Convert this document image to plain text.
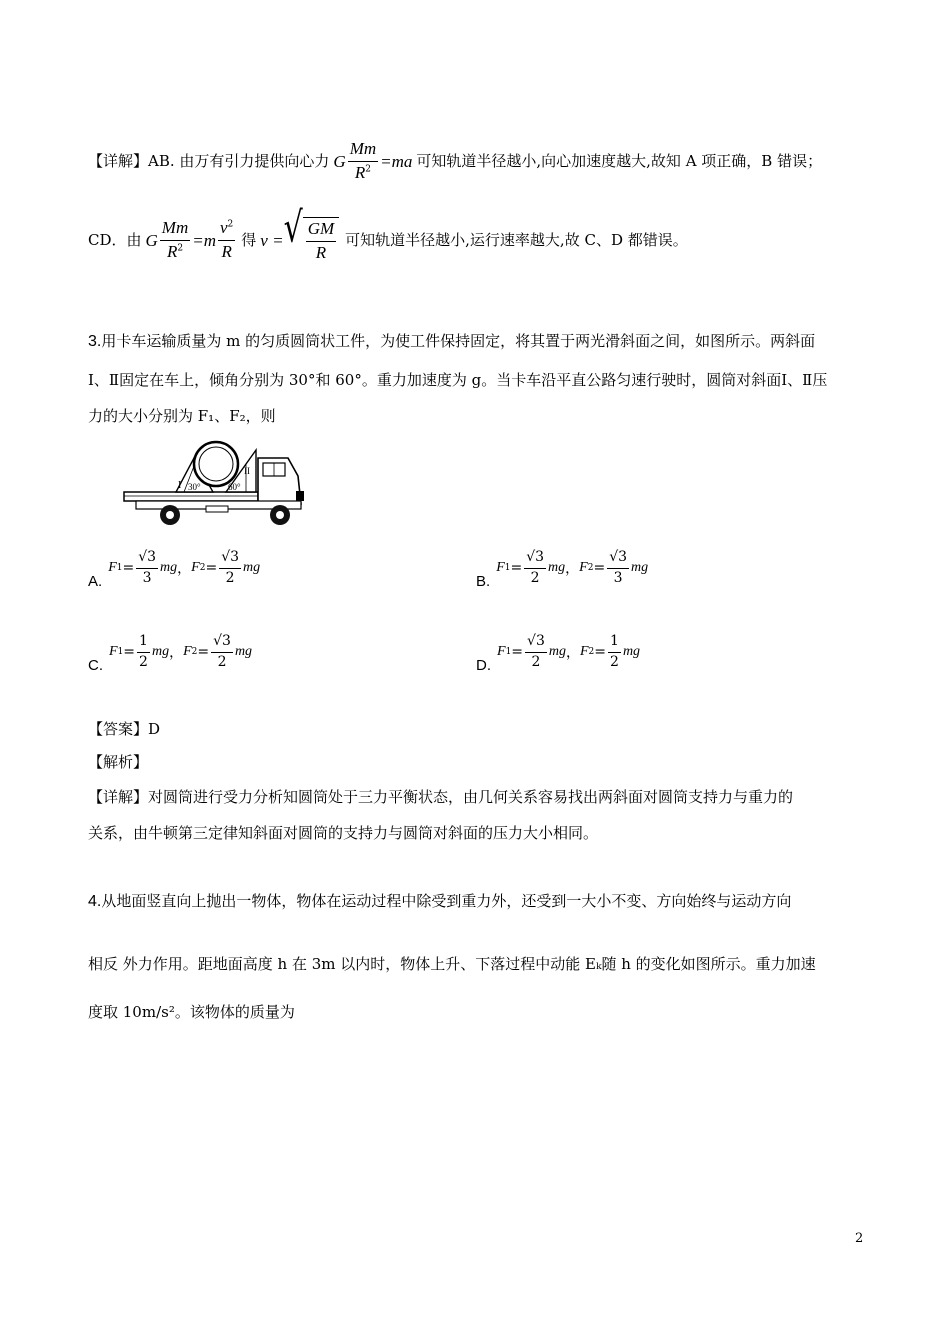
【详解】AB. 由万有引力提供向心力 G $\frac{Mm}{R^2} =ma$ 可知轨道半径越小,向心加速度越大,故知 A 项正确，B 错误；
CD．由 G $\frac{Mm}{R^2} =m \frac{v^2}{R}$ 得 v = √ $\frac{GM}{R}$ 可知轨道半径越小,运行速率越大,故 C、D 都错误。
3.用卡车运输质量为 m 的匀质圆筒状工件，为使工件保持固定，将其置于两光滑斜面之间，如图所示。两斜面
Ⅰ、Ⅱ固定在车上，倾角分别为 30°和 60°。重力加速度为 g。当卡车沿平直公路匀速行驶时，圆筒对斜面Ⅰ、Ⅱ压
力的大小分别为 F₁、F₂，则
I
II
30°	60°
A.
F $1 = \frac{√3}{3}$ mg ， F $2 = \frac{√3}{2}$ mg
B.
F $1 = \frac{√3}{2}$ mg ， F $2 = \frac{√3}{3}$ mg
C.
F $1 = \frac{1}{2}$ mg ， F $2 = \frac{√3}{2}$ mg
D.
F $1 = \frac{√3}{2}$ mg ， F $2 = \frac{1}{2}$ mg
【答案】D
【解析】
【详解】对圆筒进行受力分析知圆筒处于三力平衡状态，由几何关系容易找出两斜面对圆筒支持力与重力的
关系，由牛顿第三定律知斜面对圆筒的支持力与圆筒对斜面的压力大小相同。
4.从地面竖直向上抛出一物体，物体在运动过程中除受到重力外，还受到一大小不变、方向始终与运动方向
相反 外力作用。距地面高度 h 在 3m 以内时，物体上升、下落过程中动能 Eₖ随 h 的变化如图所示。重力加速
度取 10m/s²。该物体的质量为
2
